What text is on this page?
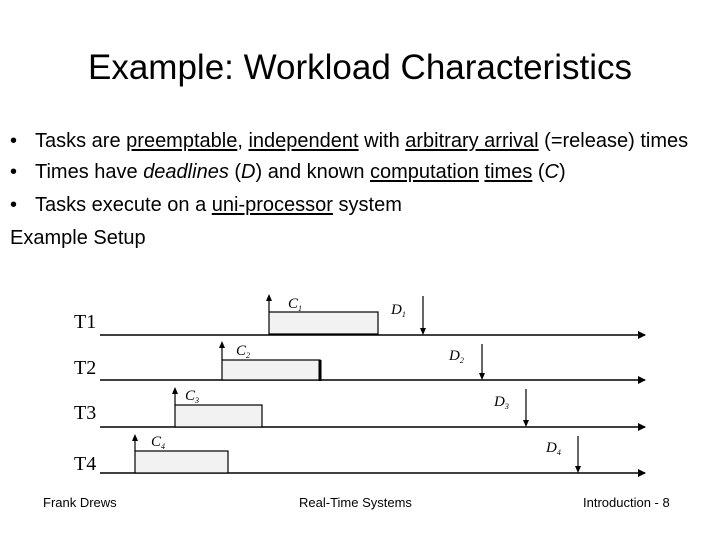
Example: Workload Characteristics
• Tasks are preemptable, independent with arbitrary arrival (=release) times
• Times have deadlines (D) and known computation times (C)
• Tasks execute on a uni-processor system
Example Setup
T1
T2
T3
T4
$C_1$
$C_2$
$C_3$
$C_4$
$D_1$
$D_2$
$D_3$
$D_4$
Frank Drews	Real-Time Systems	Introduction - 8
